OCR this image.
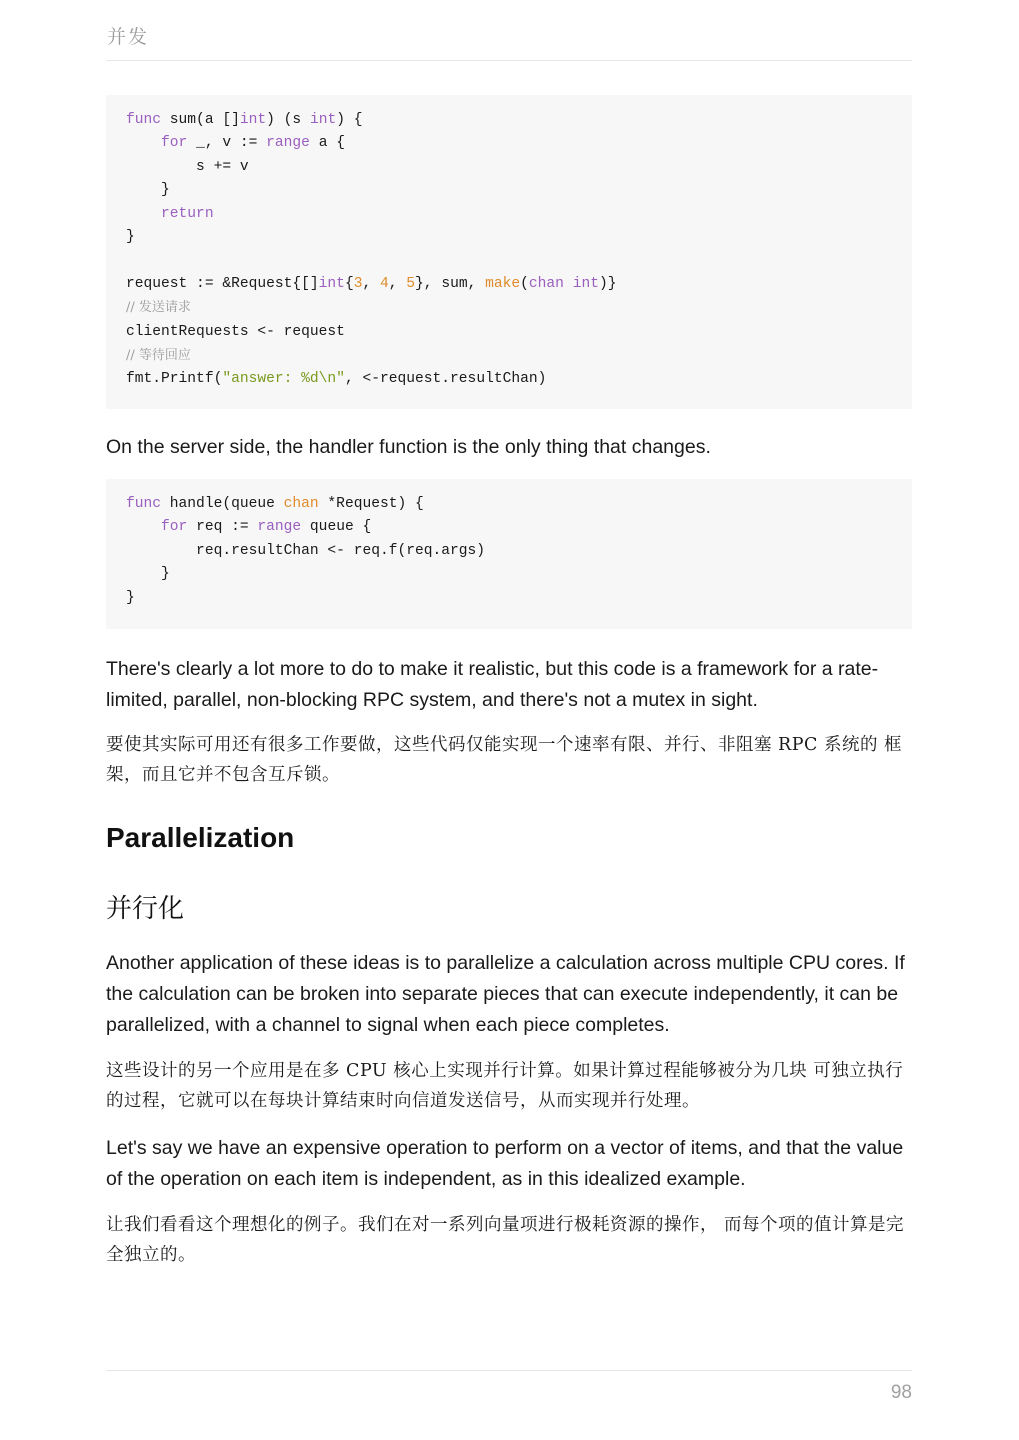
并发
func sum(a []int) (s int) {
for _, v := range a {
s += v
}
return
}

request := &Request{[]int{3, 4, 5}, sum, make(chan int)}
// 发送请求
clientRequests <- request
// 等待回应
fmt.Printf("answer: %d\n", <-request.resultChan)

On the server side, the handler function is the only thing that changes.

func handle(queue chan *Request) {
for req := range queue {
req.resultChan <- req.f(req.args)
}
}

There's clearly a lot more to do to make it realistic, but this code is a framework for a rate-limited, parallel, non-blocking RPC system, and there's not a mutex in sight.

要使其实际可用还有很多工作要做，这些代码仅能实现一个速率有限、并行、非阻塞 RPC 系统的 框架，而且它并不包含互斥锁。

Parallelization
并行化

Another application of these ideas is to parallelize a calculation across multiple CPU cores. If the calculation can be broken into separate pieces that can execute independently, it can be parallelized, with a channel to signal when each piece completes.

这些设计的另一个应用是在多 CPU 核心上实现并行计算。如果计算过程能够被分为几块 可独立执行的过程，它就可以在每块计算结束时向信道发送信号，从而实现并行处理。

Let's say we have an expensive operation to perform on a vector of items, and that the value of the operation on each item is independent, as in this idealized example.

让我们看看这个理想化的例子。我们在对一系列向量项进行极耗资源的操作， 而每个项的值计算是完全独立的。

98
